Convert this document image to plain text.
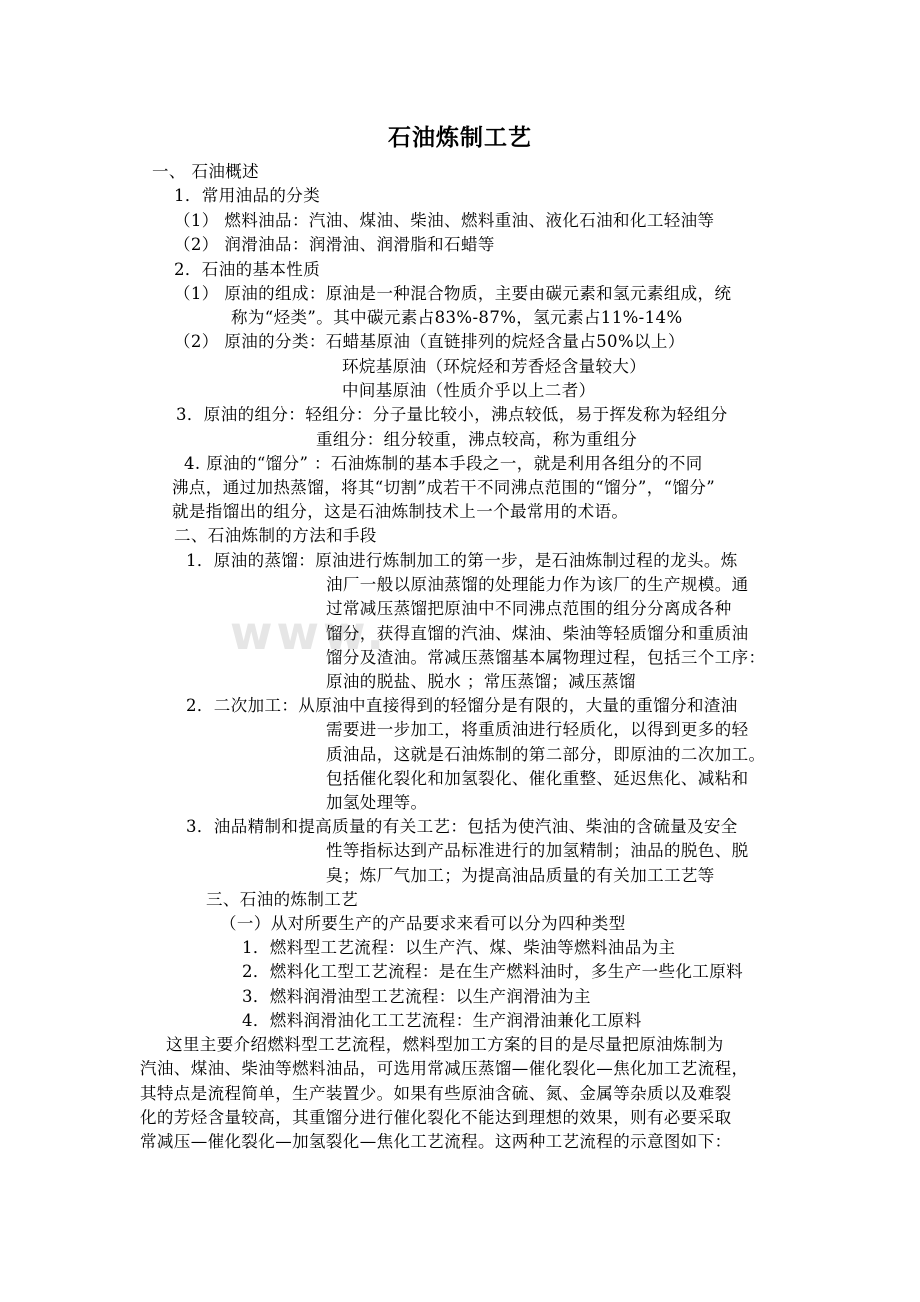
www.
石油炼制工艺
一、 石油概述
1．常用油品的分类
（1） 燃料油品：汽油、煤油、柴油、燃料重油、液化石油和化工轻油等
（2） 润滑油品：润滑油、润滑脂和石蜡等
2．石油的基本性质
（1） 原油的组成：原油是一种混合物质，主要由碳元素和氢元素组成，统
称为“烃类”。其中碳元素占83%-87%，氢元素占11%-14%
（2） 原油的分类：石蜡基原油（直链排列的烷烃含量占50%以上）
环烷基原油（环烷烃和芳香烃含量较大）
中间基原油（性质介乎以上二者）
3．原油的组分：轻组分：分子量比较小，沸点较低，易于挥发称为轻组分
重组分：组分较重，沸点较高，称为重组分
4. 原油的“馏分” ：石油炼制的基本手段之一，就是利用各组分的不同
沸点，通过加热蒸馏，将其“切割”成若干不同沸点范围的“馏分”，“馏分”
就是指馏出的组分，这是石油炼制技术上一个最常用的术语。
二、石油炼制的方法和手段
1．原油的蒸馏：原油进行炼制加工的第一步，是石油炼制过程的龙头。炼
油厂一般以原油蒸馏的处理能力作为该厂的生产规模。通
过常减压蒸馏把原油中不同沸点范围的组分分离成各种
馏分，获得直馏的汽油、煤油、柴油等轻质馏分和重质油
馏分及渣油。常减压蒸馏基本属物理过程，包括三个工序：
原油的脱盐、脱水 ；常压蒸馏；减压蒸馏
2．二次加工：从原油中直接得到的轻馏分是有限的，大量的重馏分和渣油
需要进一步加工，将重质油进行轻质化，以得到更多的轻
质油品，这就是石油炼制的第二部分，即原油的二次加工。
包括催化裂化和加氢裂化、催化重整、延迟焦化、减粘和
加氢处理等。
3．油品精制和提高质量的有关工艺：包括为使汽油、柴油的含硫量及安全
性等指标达到产品标准进行的加氢精制；油品的脱色、脱
臭；炼厂气加工；为提高油品质量的有关加工工艺等
三、石油的炼制工艺
（一）从对所要生产的产品要求来看可以分为四种类型
1．燃料型工艺流程：以生产汽、煤、柴油等燃料油品为主
2．燃料化工型工艺流程：是在生产燃料油时，多生产一些化工原料
3．燃料润滑油型工艺流程：以生产润滑油为主
4．燃料润滑油化工工艺流程：生产润滑油兼化工原料
这里主要介绍燃料型工艺流程，燃料型加工方案的目的是尽量把原油炼制为
汽油、煤油、柴油等燃料油品，可选用常减压蒸馏—催化裂化—焦化加工艺流程，
其特点是流程简单，生产装置少。如果有些原油含硫、氮、金属等杂质以及难裂
化的芳烃含量较高，其重馏分进行催化裂化不能达到理想的效果，则有必要采取
常减压—催化裂化—加氢裂化—焦化工艺流程。这两种工艺流程的示意图如下：
